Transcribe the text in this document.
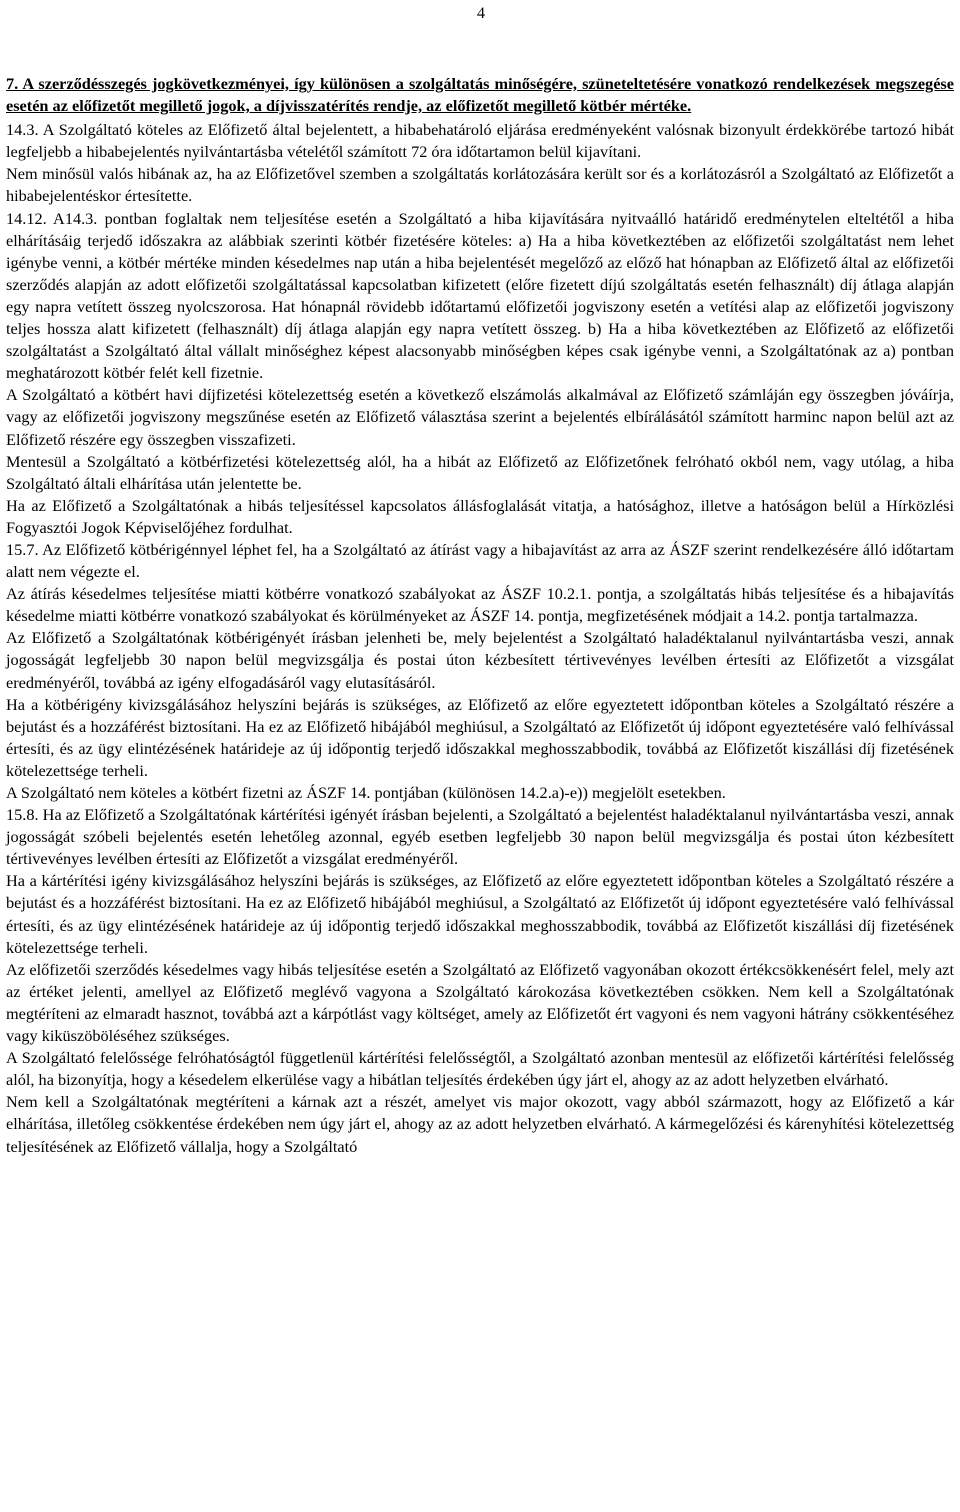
4

7. A szerződésszegés jogkövetkezményei, így különösen a szolgáltatás minőségére, szüneteltetésére vonatkozó rendelkezések megszegése esetén az előfizetőt megillető jogok, a díjvisszatérítés rendje, az előfizetőt megillető kötbér mértéke.

14.3. A Szolgáltató köteles az Előfizető által bejelentett, a hibabehatároló eljárása eredményeként valósnak bizonyult érdekkörébe tartozó hibát legfeljebb a hibabejelentés nyilvántartásba vételétől számított 72 óra időtartamon belül kijavítani.

Nem minősül valós hibának az, ha az Előfizetővel szemben a szolgáltatás korlátozására került sor és a korlátozásról a Szolgáltató az Előfizetőt a hibabejelentéskor értesítette.

14.12. A14.3. pontban foglaltak nem teljesítése esetén a Szolgáltató a hiba kijavítására nyitvaálló határidő eredménytelen elteltétől a hiba elhárításáig terjedő időszakra az alábbiak szerinti kötbér fizetésére köteles: a) Ha a hiba következtében az előfizetői szolgáltatást nem lehet igénybe venni, a kötbér mértéke minden késedelmes nap után a hiba bejelentését megelőző az előző hat hónapban az Előfizető által az előfizetői szerződés alapján az adott előfizetői szolgáltatással kapcsolatban kifizetett (előre fizetett díjú szolgáltatás esetén felhasznált) díj átlaga alapján egy napra vetített összeg nyolcszorosa. Hat hónapnál rövidebb időtartamú előfizetői jogviszony esetén a vetítési alap az előfizetői jogviszony teljes hossza alatt kifizetett (felhasznált) díj átlaga alapján egy napra vetített összeg. b) Ha a hiba következtében az Előfizető az előfizetői szolgáltatást a Szolgáltató által vállalt minőséghez képest alacsonyabb minőségben képes csak igénybe venni, a Szolgáltatónak az a) pontban meghatározott kötbér felét kell fizetnie.

A Szolgáltató a kötbért havi díjfizetési kötelezettség esetén a következő elszámolás alkalmával az Előfizető számláján egy összegben jóváírja, vagy az előfizetői jogviszony megszűnése esetén az Előfizető választása szerint a bejelentés elbírálásától számított harminc napon belül azt az Előfizető részére egy összegben visszafizeti.

Mentesül a Szolgáltató a kötbérfizetési kötelezettség alól, ha a hibát az Előfizető az Előfizetőnek felróható okból nem, vagy utólag, a hiba Szolgáltató általi elhárítása után jelentette be.

Ha az Előfizető a Szolgáltatónak a hibás teljesítéssel kapcsolatos állásfoglalását vitatja, a hatósághoz, illetve a hatóságon belül a Hírközlési Fogyasztói Jogok Képviselőjéhez fordulhat.

15.7. Az Előfizető kötbérigénnyel léphet fel, ha a Szolgáltató az átírást vagy a hibajavítást az arra az ÁSZF szerint rendelkezésére álló időtartam alatt nem végezte el.

Az átírás késedelmes teljesítése miatti kötbérre vonatkozó szabályokat az ÁSZF 10.2.1. pontja, a szolgáltatás hibás teljesítése és a hibajavítás késedelme miatti kötbérre vonatkozó szabályokat és körülményeket az ÁSZF 14. pontja, megfizetésének módjait a 14.2. pontja tartalmazza.

Az Előfizető a Szolgáltatónak kötbérigényét írásban jelenheti be, mely bejelentést a Szolgáltató haladéktalanul nyilvántartásba veszi, annak jogosságát legfeljebb 30 napon belül megvizsgálja és postai úton kézbesített tértivevényes levélben értesíti az Előfizetőt a vizsgálat eredményéről, továbbá az igény elfogadásáról vagy elutasításáról.

Ha a kötbérigény kivizsgálásához helyszíni bejárás is szükséges, az Előfizető az előre egyeztetett időpontban köteles a Szolgáltató részére a bejutást és a hozzáférést biztosítani. Ha ez az Előfizető hibájából meghiúsul, a Szolgáltató az Előfizetőt új időpont egyeztetésére való felhívással értesíti, és az ügy elintézésének határideje az új időpontig terjedő időszakkal meghosszabbodik, továbbá az Előfizetőt kiszállási díj fizetésének kötelezettsége terheli.

A Szolgáltató nem köteles a kötbért fizetni az ÁSZF 14. pontjában (különösen 14.2.a)-e)) megjelölt esetekben.

15.8. Ha az Előfizető a Szolgáltatónak kártérítési igényét írásban bejelenti, a Szolgáltató a bejelentést haladéktalanul nyilvántartásba veszi, annak jogosságát szóbeli bejelentés esetén lehetőleg azonnal, egyéb esetben legfeljebb 30 napon belül megvizsgálja és postai úton kézbesített tértivevényes levélben értesíti az Előfizetőt a vizsgálat eredményéről.

Ha a kártérítési igény kivizsgálásához helyszíni bejárás is szükséges, az Előfizető az előre egyeztetett időpontban köteles a Szolgáltató részére a bejutást és a hozzáférést biztosítani. Ha ez az Előfizető hibájából meghiúsul, a Szolgáltató az Előfizetőt új időpont egyeztetésére való felhívással értesíti, és az ügy elintézésének határideje az új időpontig terjedő időszakkal meghosszabbodik, továbbá az Előfizetőt kiszállási díj fizetésének kötelezettsége terheli.

Az előfizetői szerződés késedelmes vagy hibás teljesítése esetén a Szolgáltató az Előfizető vagyonában okozott értékcsökkenésért felel, mely azt az értéket jelenti, amellyel az Előfizető meglévő vagyona a Szolgáltató károkozása következtében csökken. Nem kell a Szolgáltatónak megtéríteni az elmaradt hasznot, továbbá azt a kárpótlást vagy költséget, amely az Előfizetőt ért vagyoni és nem vagyoni hátrány csökkentéséhez vagy kiküszöböléséhez szükséges.

A Szolgáltató felelőssége felróhatóságtól függetlenül kártérítési felelősségtől, a Szolgáltató azonban mentesül az előfizetői kártérítési felelősség alól, ha bizonyítja, hogy a késedelem elkerülése vagy a hibátlan teljesítés érdekében úgy járt el, ahogy az az adott helyzetben elvárható.

Nem kell a Szolgáltatónak megtéríteni a kárnak azt a részét, amelyet vis major okozott, vagy abból származott, hogy az Előfizető a kár elhárítása, illetőleg csökkentése érdekében nem úgy járt el, ahogy az az adott helyzetben elvárható. A kármegelőzési és kárenyhítési kötelezettség teljesítésének az Előfizető vállalja, hogy a Szolgáltató
